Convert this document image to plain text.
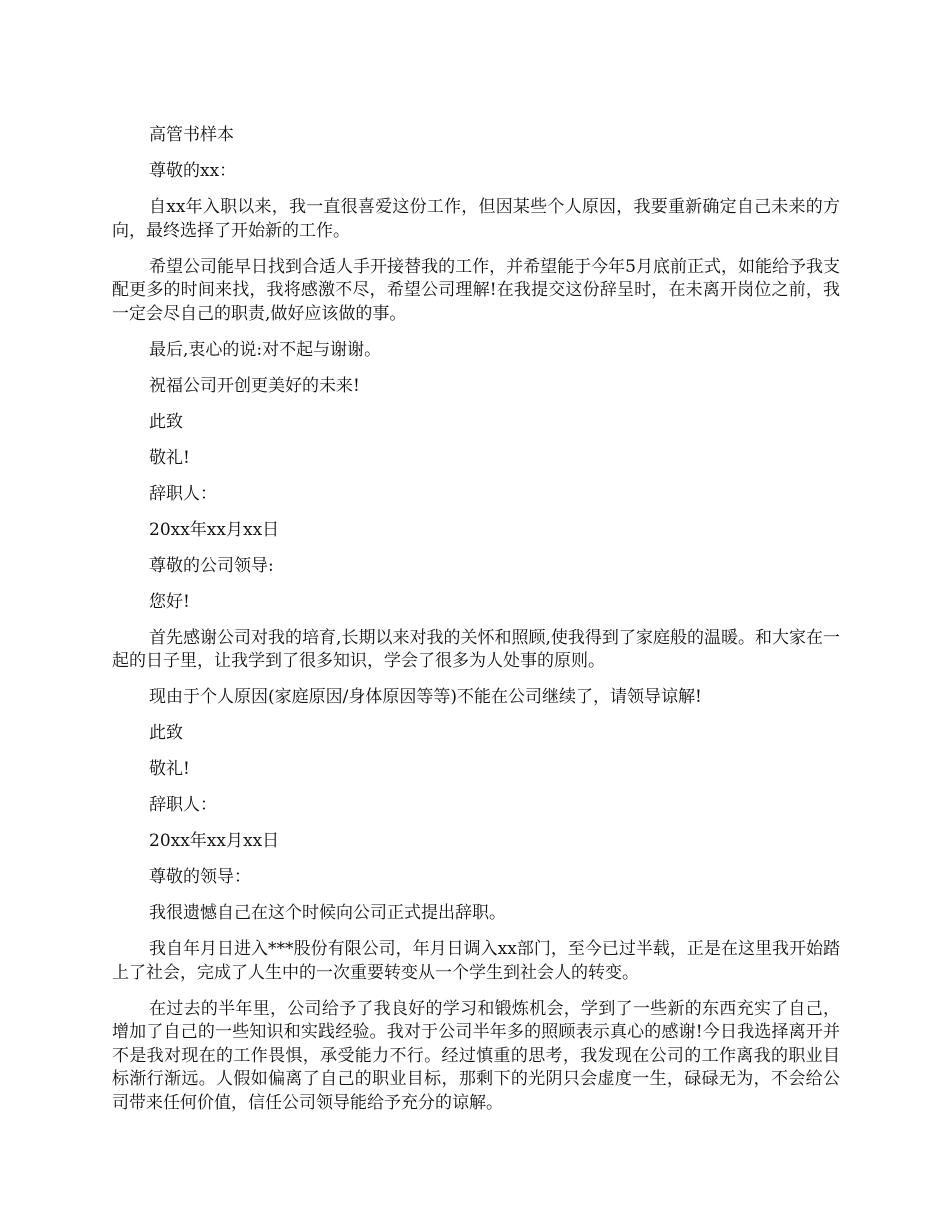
高管书样本

尊敬的xx：

自xx年入职以来，我一直很喜爱这份工作，但因某些个人原因，我要重新确定自己未来的方向，最终选择了开始新的工作。

希望公司能早日找到合适人手开接替我的工作，并希望能于今年5月底前正式，如能给予我支配更多的时间来找，我将感激不尽，希望公司理解!在我提交这份辞呈时，在未离开岗位之前，我一定会尽自己的职责,做好应该做的事。

最后,衷心的说:对不起与谢谢。

祝福公司开创更美好的未来!

此致

敬礼!

辞职人：

20xx年xx月xx日

尊敬的公司领导:

您好!

首先感谢公司对我的培育,长期以来对我的关怀和照顾,使我得到了家庭般的温暖。和大家在一起的日子里，让我学到了很多知识，学会了很多为人处事的原则。

现由于个人原因(家庭原因/身体原因等等)不能在公司继续了，请领导谅解!

此致

敬礼!

辞职人：

20xx年xx月xx日

尊敬的领导：

我很遗憾自己在这个时候向公司正式提出辞职。

我自年月日进入***股份有限公司，年月日调入xx部门，至今已过半载，正是在这里我开始踏上了社会，完成了人生中的一次重要转变从一个学生到社会人的转变。

在过去的半年里，公司给予了我良好的学习和锻炼机会，学到了一些新的东西充实了自己，增加了自己的一些知识和实践经验。我对于公司半年多的照顾表示真心的感谢!今日我选择离开并不是我对现在的工作畏惧，承受能力不行。经过慎重的思考，我发现在公司的工作离我的职业目标渐行渐远。人假如偏离了自己的职业目标，那剩下的光阴只会虚度一生，碌碌无为，不会给公司带来任何价值，信任公司领导能给予充分的谅解。
